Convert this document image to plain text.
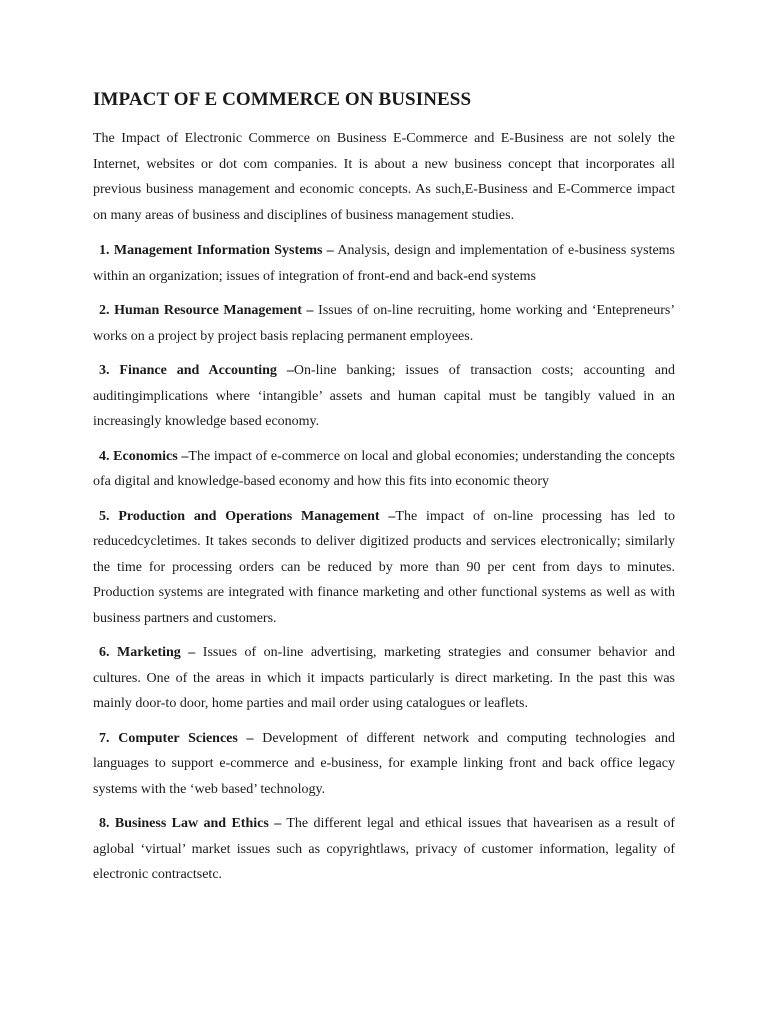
IMPACT OF E COMMERCE ON BUSINESS

The Impact of Electronic Commerce on Business E-Commerce and E-Business are not solely the Internet, websites or dot com companies. It is about a new business concept that incorporates all previous business management and economic concepts. As such,E-Business and E-Commerce impact on many areas of business and disciplines of business management studies.

1. Management Information Systems – Analysis, design and implementation of e-business systems within an organization; issues of integration of front-end and back-end systems

2. Human Resource Management – Issues of on-line recruiting, home working and ‘Entepreneurs’ works on a project by project basis replacing permanent employees.

3. Finance and Accounting –On-line banking; issues of transaction costs; accounting and auditingimplications where ‘intangible’ assets and human capital must be tangibly valued in an increasingly knowledge based economy.

4. Economics –The impact of e-commerce on local and global economies; understanding the concepts ofa digital and knowledge-based economy and how this fits into economic theory

5. Production and Operations Management –The impact of on-line processing has led to reducedcycletimes. It takes seconds to deliver digitized products and services electronically; similarly the time for processing orders can be reduced by more than 90 per cent from days to minutes. Production systems are integrated with finance marketing and other functional systems as well as with business partners and customers.

6. Marketing – Issues of on-line advertising, marketing strategies and consumer behavior and cultures. One of the areas in which it impacts particularly is direct marketing. In the past this was mainly door-to door, home parties and mail order using catalogues or leaflets.

7. Computer Sciences – Development of different network and computing technologies and languages to support e-commerce and e-business, for example linking front and back office legacy systems with the ‘web based’ technology.

8. Business Law and Ethics – The different legal and ethical issues that havearisen as a result of aglobal ‘virtual’ market issues such as copyrightlaws, privacy of customer information, legality of electronic contractsetc.
